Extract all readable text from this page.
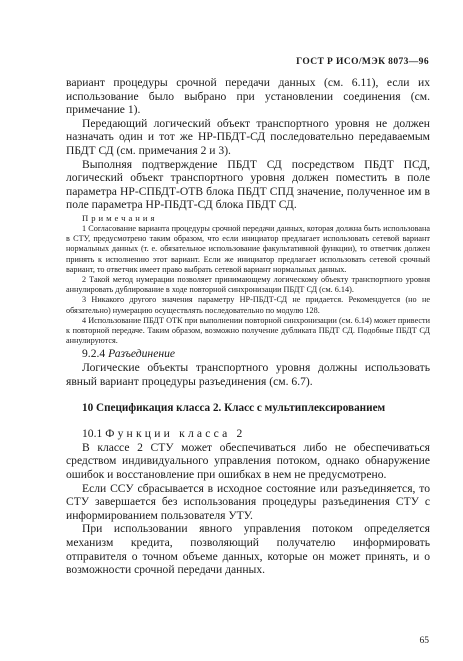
ГОСТ Р ИСО/МЭК 8073—96

вариант процедуры срочной передачи данных (см. 6.11), если их использование было выбрано при установлении соединения (см. примечание 1).

Передающий логический объект транспортного уровня не должен назначать один и тот же НР-ПБДТ-СД последовательно передаваемым ПБДТ СД (см. примечания 2 и 3).

Выполняя подтверждение ПБДТ СД посредством ПБДТ ПСД, логический объект транспортного уровня должен поместить в поле параметра НР-СПБДТ-ОТВ блока ПБДТ СПД значение, полученное им в поле параметра НР-ПБДТ-СД блока ПБДТ СД.

Примечания

1 Согласование варианта процедуры срочной передачи данных, которая должна быть использована в СТУ, предусмотрено таким образом, что если инициатор предлагает использовать сетевой вариант нормальных данных (т. е. обязательное использование факультативной функции), то ответчик должен принять к исполнению этот вариант. Если же инициатор предлагает использовать сетевой срочный вариант, то ответчик имеет право выбрать сетевой вариант нормальных данных.

2 Такой метод нумерации позволяет принимающему логическому объекту транспортного уровня аннулировать дублирование в ходе повторной синхронизации ПБДТ СД (см. 6.14).

3 Никакого другого значения параметру НР-ПБДТ-СД не придается. Рекомендуется (но не обязательно) нумерацию осуществлять последовательно по модулю 128.

4 Использование ПБДТ ОТК при выполнении повторной синхронизации (см. 6.14) может привести к повторной передаче. Таким образом, возможно получение дубликата ПБДТ СД. Подобные ПБДТ СД аннулируются.

9.2.4 Разъединение

Логические объекты транспортного уровня должны использовать явный вариант процедуры разъединения (см. 6.7).

10 Спецификация класса 2. Класс с мультиплексированием

10.1 Функции класса 2

В классе 2 СТУ может обеспечиваться либо не обеспечиваться средством индивидуального управления потоком, однако обнаружение ошибок и восстановление при ошибках в нем не предусмотрено.

Если ССУ сбрасывается в исходное состояние или разъединяется, то СТУ завершается без использования процедуры разъединения СТУ с информированием пользователя УТУ.

При использовании явного управления потоком определяется механизм кредита, позволяющий получателю информировать отправителя о точном объеме данных, которые он может принять, и о возможности срочной передачи данных.

65
